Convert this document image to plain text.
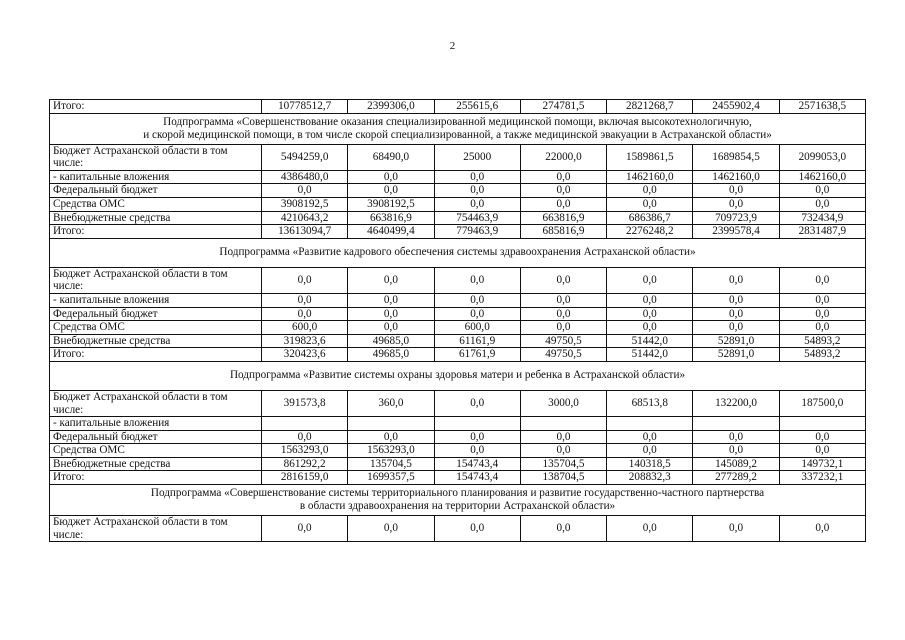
2
Итого:	10778512,7	2399306,0	255615,6	274781,5	2821268,7	2455902,4	2571638,5

Подпрограмма «Совершенствование оказания специализированной медицинской помощи, включая высокотехнологичную,
и скорой медицинской помощи, в том числе скорой специализированной, а также медицинской эвакуации в Астраханской области»							

Бюджет Астраханской области в том числе:	5494259,0	68490,0	25000	22000,0	1589861,5	1689854,5	2099053,0
- капитальные вложения	4386480,0	0,0	0,0	0,0	1462160,0	1462160,0	1462160,0
Федеральный бюджет	0,0	0,0	0,0	0,0	0,0	0,0	0,0
Средства ОМС	3908192,5	3908192,5	0,0	0,0	0,0	0,0	0,0
Внебюджетные средства	4210643,2	663816,9	754463,9	663816,9	686386,7	709723,9	732434,9
Итого:	13613094,7	4640499,4	779463,9	685816,9	2276248,2	2399578,4	2831487,9

Подпрограмма «Развитие кадрового обеспечения системы здравоохранения Астраханской области»							

Бюджет Астраханской области в том числе:	0,0	0,0	0,0	0,0	0,0	0,0	0,0
- капитальные вложения	0,0	0,0	0,0	0,0	0,0	0,0	0,0
Федеральный бюджет	0,0	0,0	0,0	0,0	0,0	0,0	0,0
Средства ОМС	600,0	0,0	600,0	0,0	0,0	0,0	0,0
Внебюджетные средства	319823,6	49685,0	61161,9	49750,5	51442,0	52891,0	54893,2
Итого:	320423,6	49685,0	61761,9	49750,5	51442,0	52891,0	54893,2

Подпрограмма «Развитие системы охраны здоровья матери и ребенка в Астраханской области»							

Бюджет Астраханской области в том числе:	391573,8	360,0	0,0	3000,0	68513,8	132200,0	187500,0
- капитальные вложения							
Федеральный бюджет	0,0	0,0	0,0	0,0	0,0	0,0	0,0
Средства ОМС	1563293,0	1563293,0	0,0	0,0	0,0	0,0	0,0
Внебюджетные средства	861292,2	135704,5	154743,4	135704,5	140318,5	145089,2	149732,1
Итого:	2816159,0	1699357,5	154743,4	138704,5	208832,3	277289,2	337232,1

Подпрограмма «Совершенствование системы территориального планирования и развитие государственно-частного партнерства
в области здравоохранения на территории Астраханской области»							

Бюджет Астраханской области в том числе:	0,0	0,0	0,0	0,0	0,0	0,0	0,0
